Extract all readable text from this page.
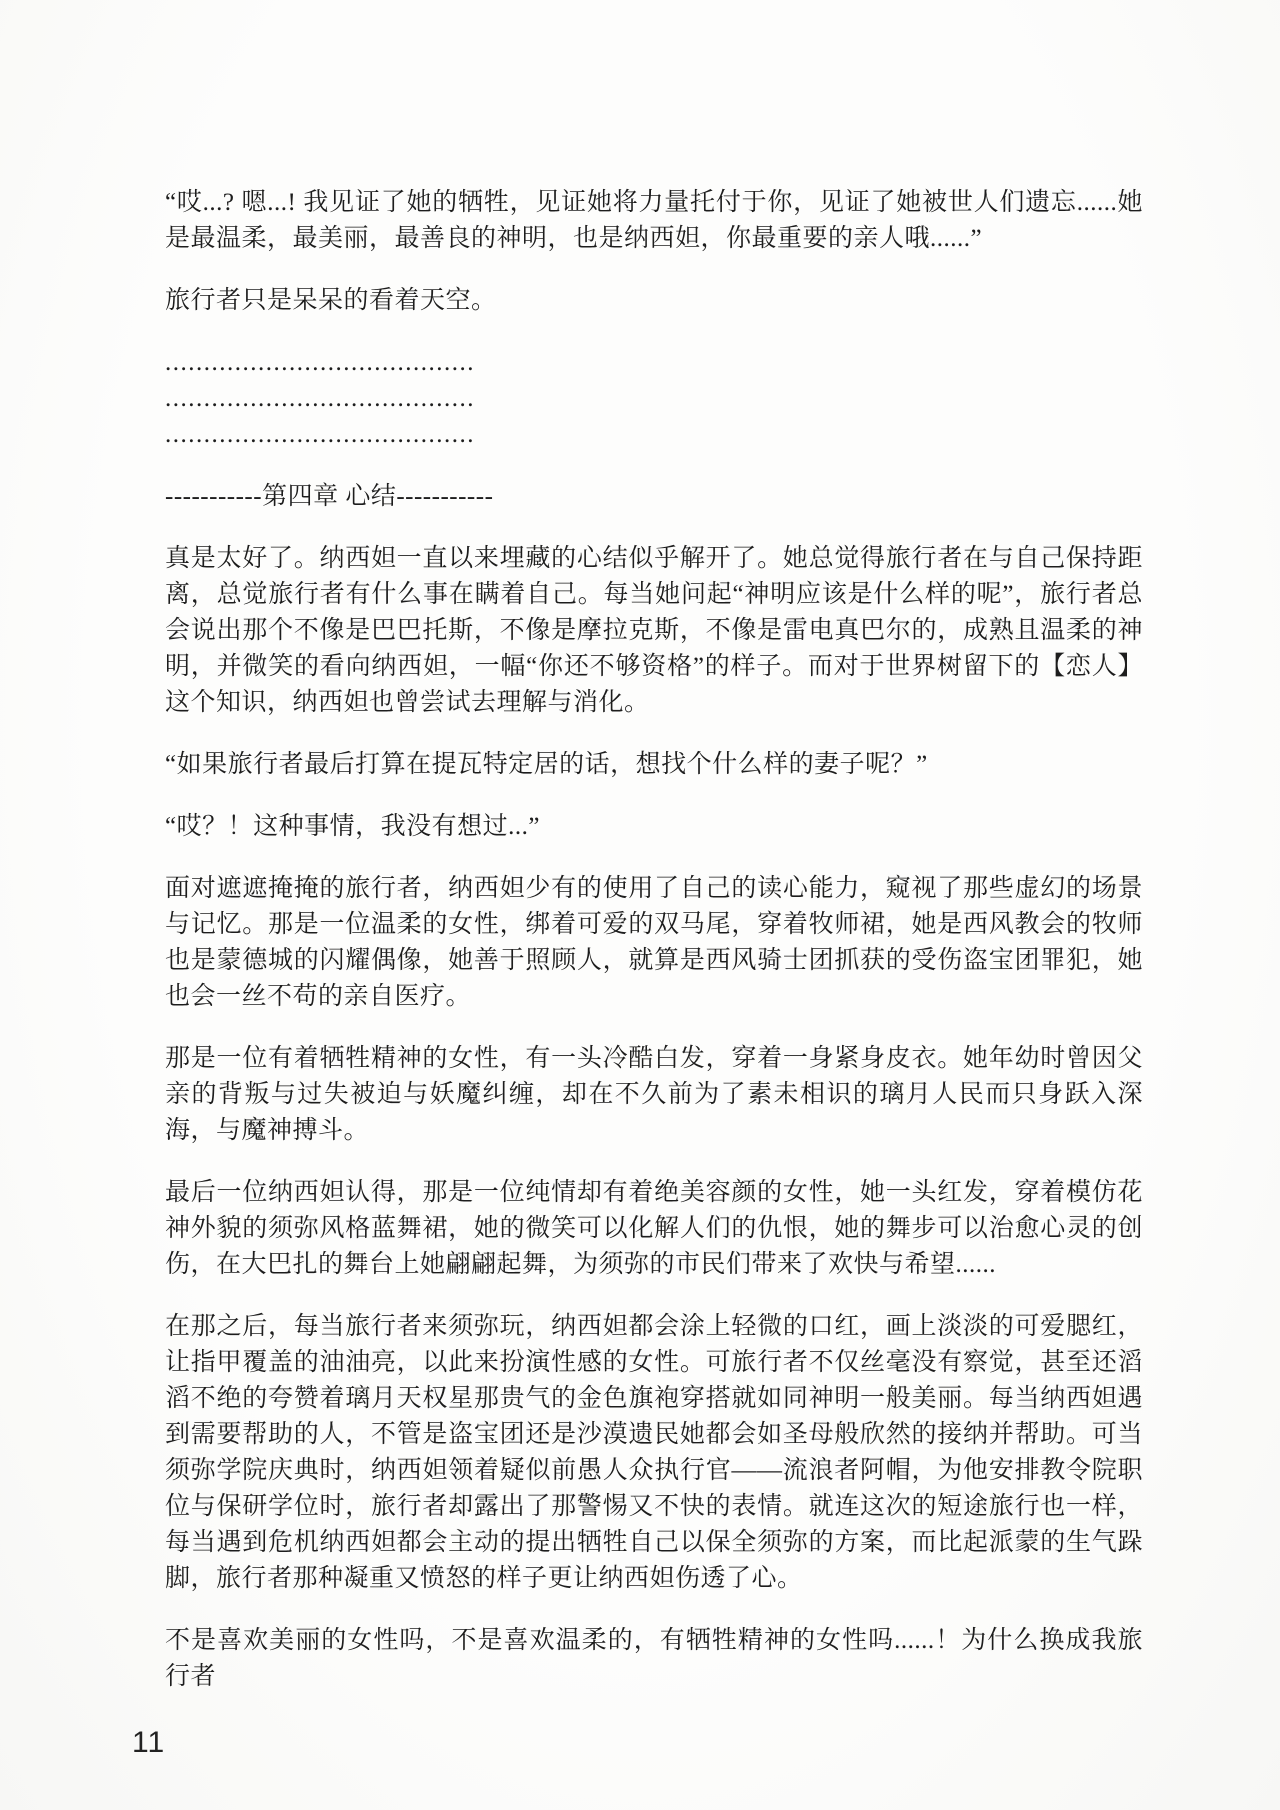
“哎...? 嗯...! 我见证了她的牺牲，见证她将力量托付于你，见证了她被世人们遗忘......她是最温柔，最美丽，最善良的神明，也是纳西妲，你最重要的亲人哦......”

旅行者只是呆呆的看着天空。

........................................

........................................

........................................

-----------第四章 心结-----------

真是太好了。纳西妲一直以来埋藏的心结似乎解开了。她总觉得旅行者在与自己保持距离，总觉旅行者有什么事在瞒着自己。每当她问起“神明应该是什么样的呢”，旅行者总会说出那个不像是巴巴托斯，不像是摩拉克斯，不像是雷电真巴尔的，成熟且温柔的神明，并微笑的看向纳西妲，一幅“你还不够资格”的样子。而对于世界树留下的【恋人】这个知识，纳西妲也曾尝试去理解与消化。

“如果旅行者最后打算在提瓦特定居的话，想找个什么样的妻子呢？”

“哎？！这种事情，我没有想过...”

面对遮遮掩掩的旅行者，纳西妲少有的使用了自己的读心能力，窥视了那些虚幻的场景与记忆。那是一位温柔的女性，绑着可爱的双马尾，穿着牧师裙，她是西风教会的牧师也是蒙德城的闪耀偶像，她善于照顾人，就算是西风骑士团抓获的受伤盗宝团罪犯，她也会一丝不苟的亲自医疗。

那是一位有着牺牲精神的女性，有一头冷酷白发，穿着一身紧身皮衣。她年幼时曾因父亲的背叛与过失被迫与妖魔纠缠，却在不久前为了素未相识的璃月人民而只身跃入深海，与魔神搏斗。

最后一位纳西妲认得，那是一位纯情却有着绝美容颜的女性，她一头红发，穿着模仿花神外貌的须弥风格蓝舞裙，她的微笑可以化解人们的仇恨，她的舞步可以治愈心灵的创伤，在大巴扎的舞台上她翩翩起舞，为须弥的市民们带来了欢快与希望......

在那之后，每当旅行者来须弥玩，纳西妲都会涂上轻微的口红，画上淡淡的可爱腮红，让指甲覆盖的油油亮，以此来扮演性感的女性。可旅行者不仅丝毫没有察觉，甚至还滔滔不绝的夸赞着璃月天权星那贵气的金色旗袍穿搭就如同神明一般美丽。每当纳西妲遇到需要帮助的人，不管是盗宝团还是沙漠遗民她都会如圣母般欣然的接纳并帮助。可当须弥学院庆典时，纳西妲领着疑似前愚人众执行官——流浪者阿帽，为他安排教令院职位与保研学位时，旅行者却露出了那警惕又不快的表情。就连这次的短途旅行也一样，每当遇到危机纳西妲都会主动的提出牺牲自己以保全须弥的方案，而比起派蒙的生气跺脚，旅行者那种凝重又愤怒的样子更让纳西妲伤透了心。

不是喜欢美丽的女性吗，不是喜欢温柔的，有牺牲精神的女性吗......！为什么换成我旅行者

11
